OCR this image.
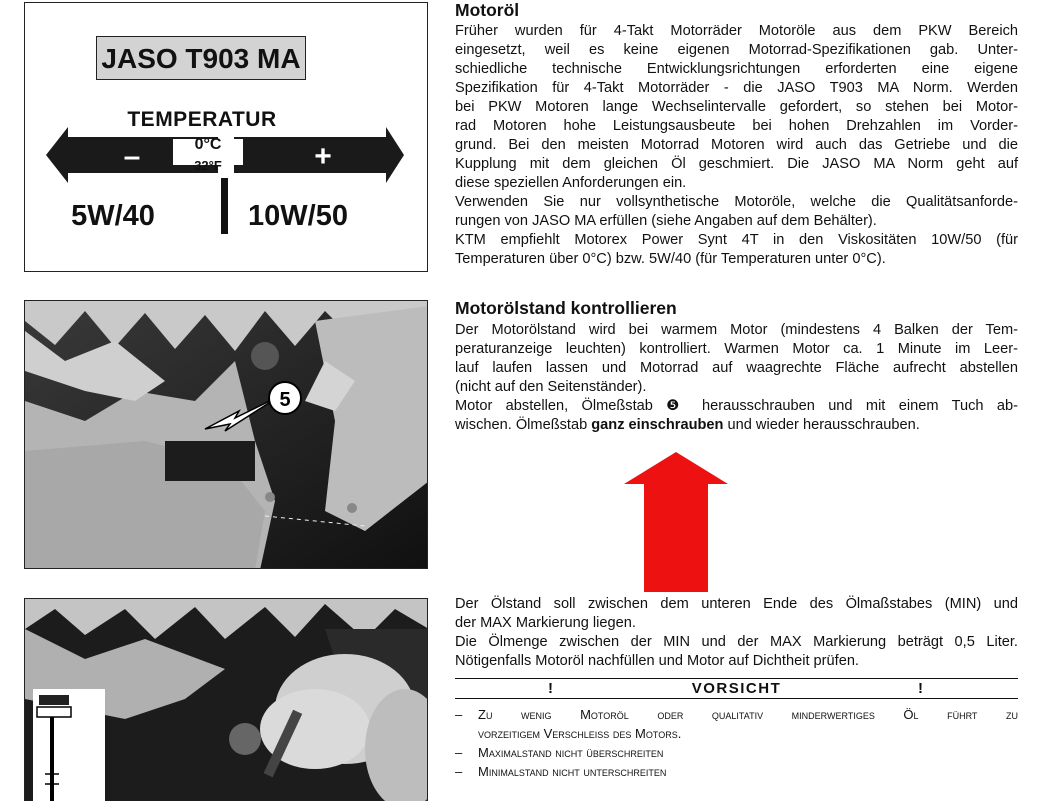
JASO T903 MA
TEMPERATUR
–	+
0°C
32°F
5W/40	10W/50
5
Motoröl
Früher wurden für 4-Takt Motorräder Motoröle aus dem PKW Bereich
eingesetzt, weil es keine eigenen Motorrad-Spezifikationen gab. Unter-
schiedliche technische Entwicklungsrichtungen erforderten eine eigene
Spezifikation für 4-Takt Motorräder - die JASO T903 MA Norm. Werden
bei PKW Motoren lange Wechselintervalle gefordert, so stehen bei Motor-
rad Motoren hohe Leistungsausbeute bei hohen Drehzahlen im Vorder-
grund. Bei den meisten Motorrad Motoren wird auch das Getriebe und die
Kupplung mit dem gleichen Öl geschmiert. Die JASO MA Norm geht auf
diese speziellen Anforderungen ein.
Verwenden Sie nur vollsynthetische Motoröle, welche die Qualitätsanforde-
rungen von JASO MA erfüllen (siehe Angaben auf dem Behälter).
KTM empfiehlt Motorex Power Synt 4T in den Viskositäten 10W/50 (für
Temperaturen über 0°C) bzw. 5W/40 (für Temperaturen unter 0°C).
Motorölstand kontrollieren
Der Motorölstand wird bei warmem Motor (mindestens 4 Balken der Tem-
peraturanzeige leuchten) kontrolliert. Warmen Motor ca. 1 Minute im Leer-
lauf laufen lassen und Motorrad auf waagrechte Fläche aufrecht abstellen
(nicht auf den Seitenständer).
Motor abstellen, Ölmeßstab ❺ herausschrauben und mit einem Tuch ab-
wischen. Ölmeßstab ganz einschrauben und wieder herausschrauben.
Der Ölstand soll zwischen dem unteren Ende des Ölmaßstabes (MIN) und
der MAX Markierung liegen.
Die Ölmenge zwischen der MIN und der MAX Markierung beträgt 0,5 Liter.
Nötigenfalls Motoröl nachfüllen und Motor auf Dichtheit prüfen.
!	VORSICHT	!
– Zu wenig Motoröl oder qualitativ minderwertiges Öl führt zu
vorzeitigem Verschleiss des Motors.
– Maximalstand nicht überschreiten
– Minimalstand nicht unterschreiten
